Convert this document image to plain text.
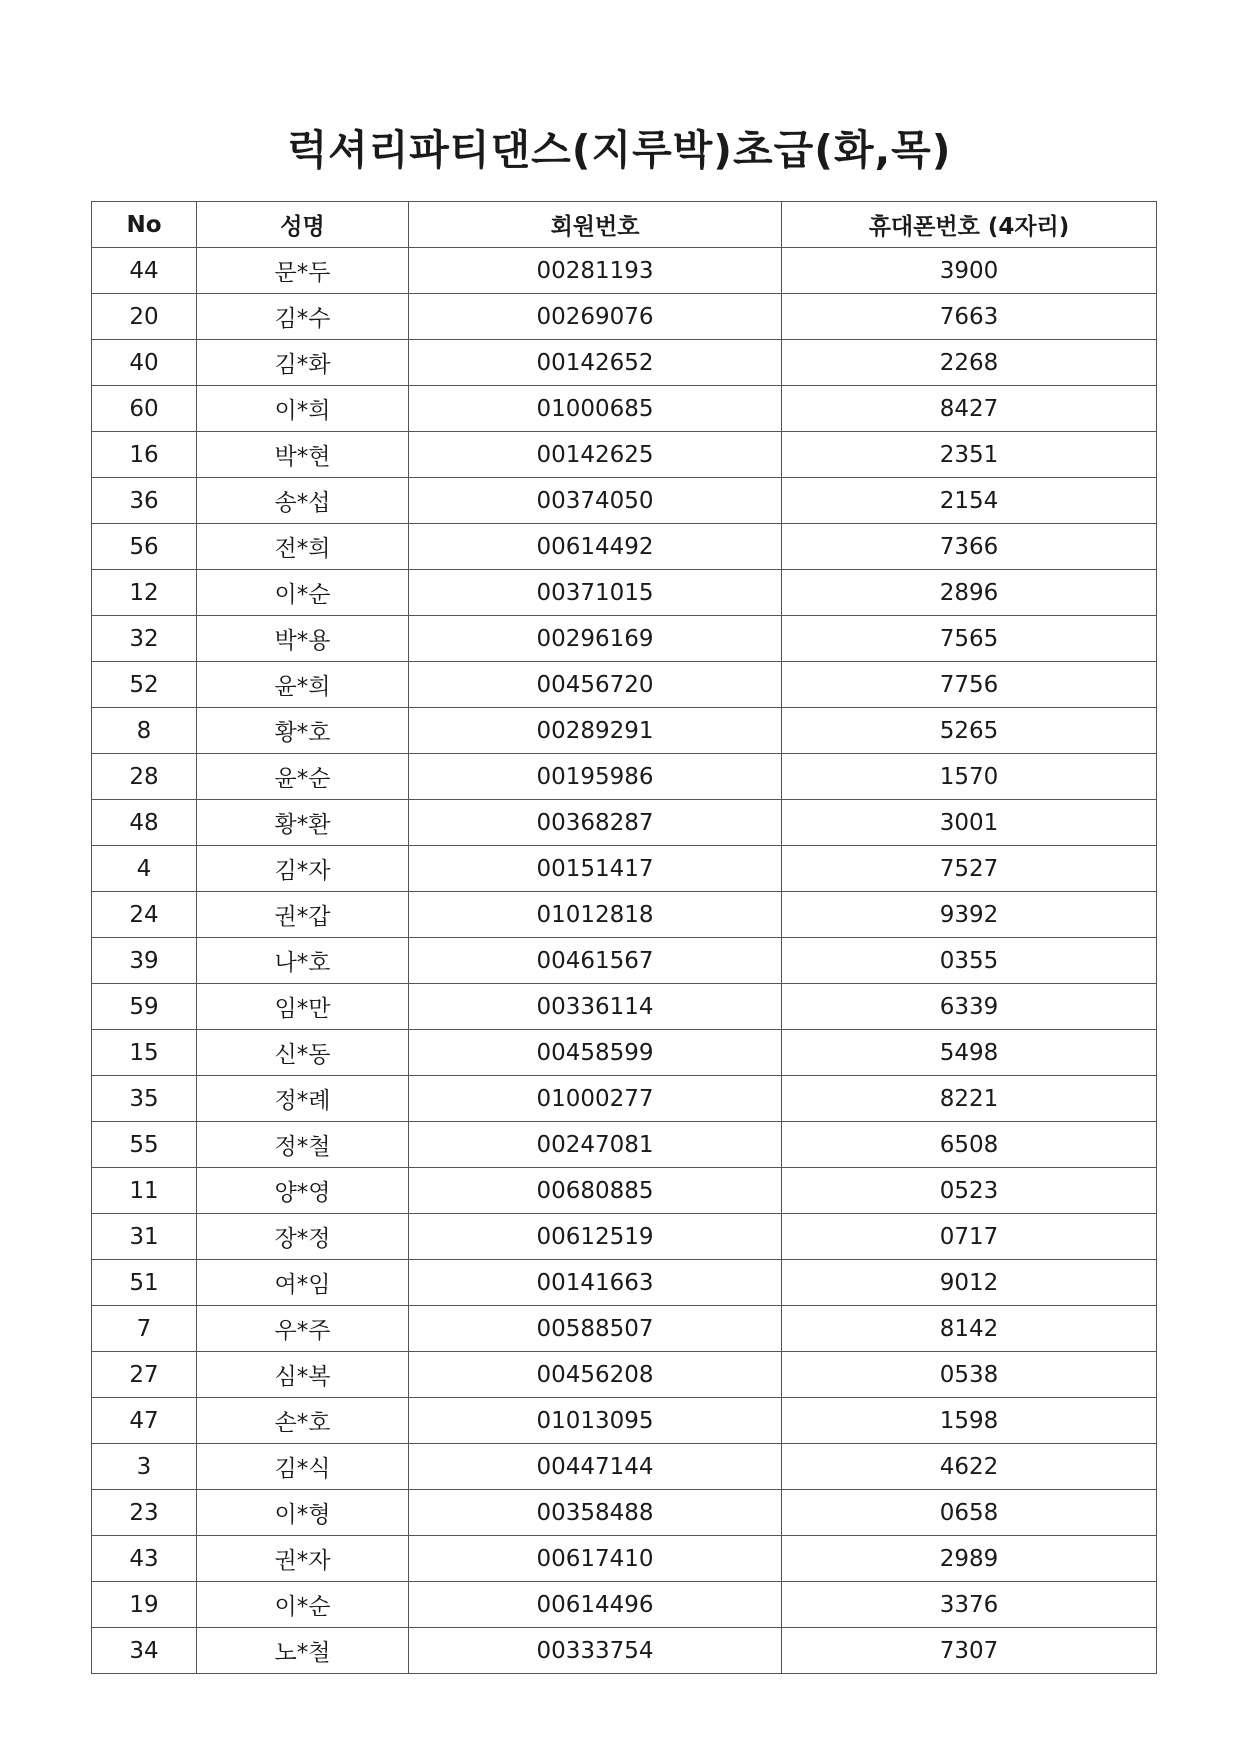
럭셔리파티댄스(지루박)초급(화,목)
No	성명	회원번호	휴대폰번호 (4자리)
44	문*두	00281193	3900
20	김*수	00269076	7663
40	김*화	00142652	2268
60	이*희	01000685	8427
16	박*현	00142625	2351
36	송*섭	00374050	2154
56	전*희	00614492	7366
12	이*순	00371015	2896
32	박*용	00296169	7565
52	윤*희	00456720	7756
8	황*호	00289291	5265
28	윤*순	00195986	1570
48	황*환	00368287	3001
4	김*자	00151417	7527
24	권*갑	01012818	9392
39	나*호	00461567	0355
59	임*만	00336114	6339
15	신*동	00458599	5498
35	정*례	01000277	8221
55	정*철	00247081	6508
11	양*영	00680885	0523
31	장*정	00612519	0717
51	여*임	00141663	9012
7	우*주	00588507	8142
27	심*복	00456208	0538
47	손*호	01013095	1598
3	김*식	00447144	4622
23	이*형	00358488	0658
43	권*자	00617410	2989
19	이*순	00614496	3376
34	노*철	00333754	7307
